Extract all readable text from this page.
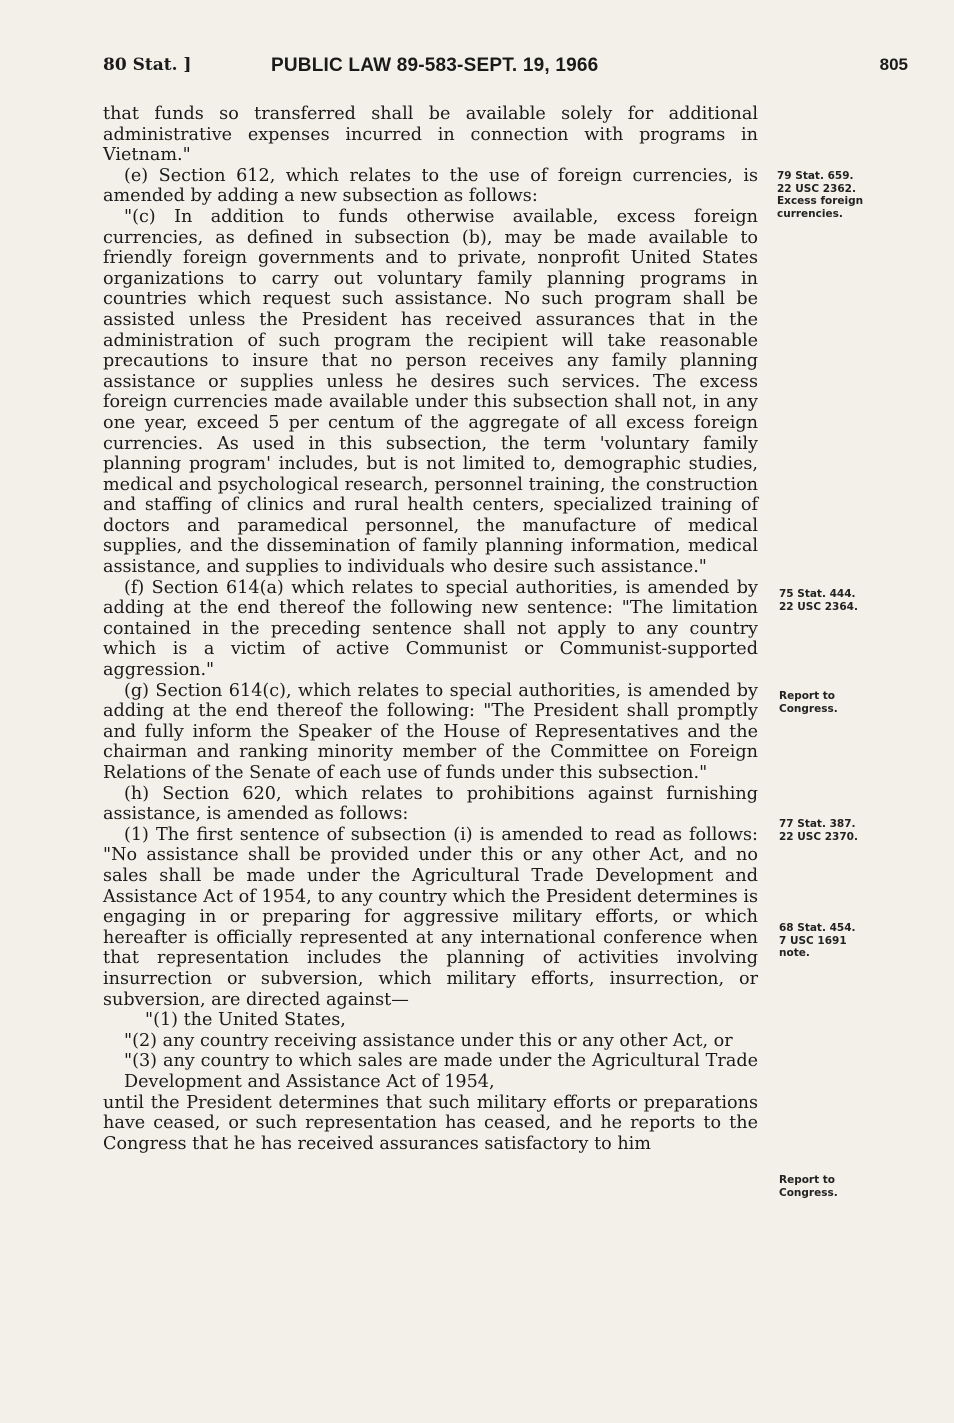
80 Stat. ]	PUBLIC LAW 89-583-SEPT. 19, 1966	805

that funds so transferred shall be available solely for additional administrative expenses incurred in connection with programs in Vietnam."

(e) Section 612, which relates to the use of foreign currencies, is amended by adding a new subsection as follows:

"(c) In addition to funds otherwise available, excess foreign currencies, as defined in subsection (b), may be made available to friendly foreign governments and to private, nonprofit United States organizations to carry out voluntary family planning programs in countries which request such assistance. No such program shall be assisted unless the President has received assurances that in the administration of such program the recipient will take reasonable precautions to insure that no person receives any family planning assistance or supplies unless he desires such services. The excess foreign currencies made available under this subsection shall not, in any one year, exceed 5 per centum of the aggregate of all excess foreign currencies. As used in this subsection, the term 'voluntary family planning program' includes, but is not limited to, demographic studies, medical and psychological research, personnel training, the construction and staffing of clinics and rural health centers, specialized training of doctors and paramedical personnel, the manufacture of medical supplies, and the dissemination of family planning information, medical assistance, and supplies to individuals who desire such assistance."

(f) Section 614(a) which relates to special authorities, is amended by adding at the end thereof the following new sentence: "The limitation contained in the preceding sentence shall not apply to any country which is a victim of active Communist or Communist-supported aggression."

(g) Section 614(c), which relates to special authorities, is amended by adding at the end thereof the following: "The President shall promptly and fully inform the Speaker of the House of Representatives and the chairman and ranking minority member of the Committee on Foreign Relations of the Senate of each use of funds under this subsection."

(h) Section 620, which relates to prohibitions against furnishing assistance, is amended as follows:

(1) The first sentence of subsection (i) is amended to read as follows: "No assistance shall be provided under this or any other Act, and no sales shall be made under the Agricultural Trade Development and Assistance Act of 1954, to any country which the President determines is engaging in or preparing for aggressive military efforts, or which hereafter is officially represented at any international conference when that representation includes the planning of activities involving insurrection or subversion, which military efforts, insurrection, or subversion, are directed against—

"(1) the United States,

"(2) any country receiving assistance under this or any other Act, or

"(3) any country to which sales are made under the Agricultural Trade Development and Assistance Act of 1954,

until the President determines that such military efforts or preparations have ceased, or such representation has ceased, and he reports to the Congress that he has received assurances satisfactory to him

79 Stat. 659.
22 USC 2362.
Excess foreign
currencies.
75 Stat. 444.
22 USC 2364.
Report to
Congress.
77 Stat. 387.
22 USC 2370.
68 Stat. 454.
7 USC 1691
note.
Report to
Congress.
